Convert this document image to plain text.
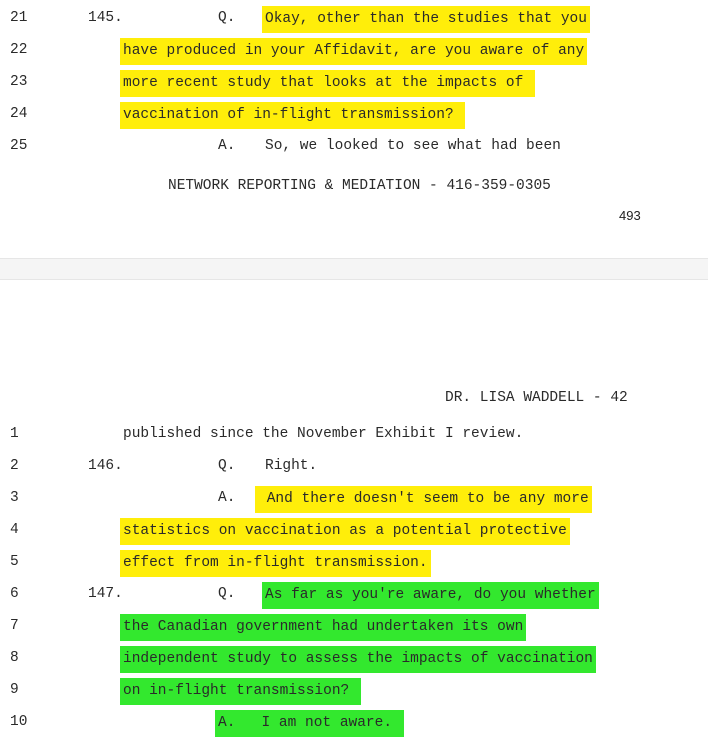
21	145.	Q. Okay, other than the studies that you
22	have produced in your Affidavit, are you aware of any
23	more recent study that looks at the impacts of
24	vaccination of in-flight transmission?
25	A. So, we looked to see what had been
NETWORK REPORTING & MEDIATION - 416-359-0305
493
DR. LISA WADDELL - 42
1	published since the November Exhibit I review.
2	146.	Q. Right.
3	A. And there doesn't seem to be any more
4	statistics on vaccination as a potential protective
5	effect from in-flight transmission.
6	147.	Q. As far as you're aware, do you whether
7	the Canadian government had undertaken its own
8	independent study to assess the impacts of vaccination
9	on in-flight transmission?
10	A.   I am not aware.
